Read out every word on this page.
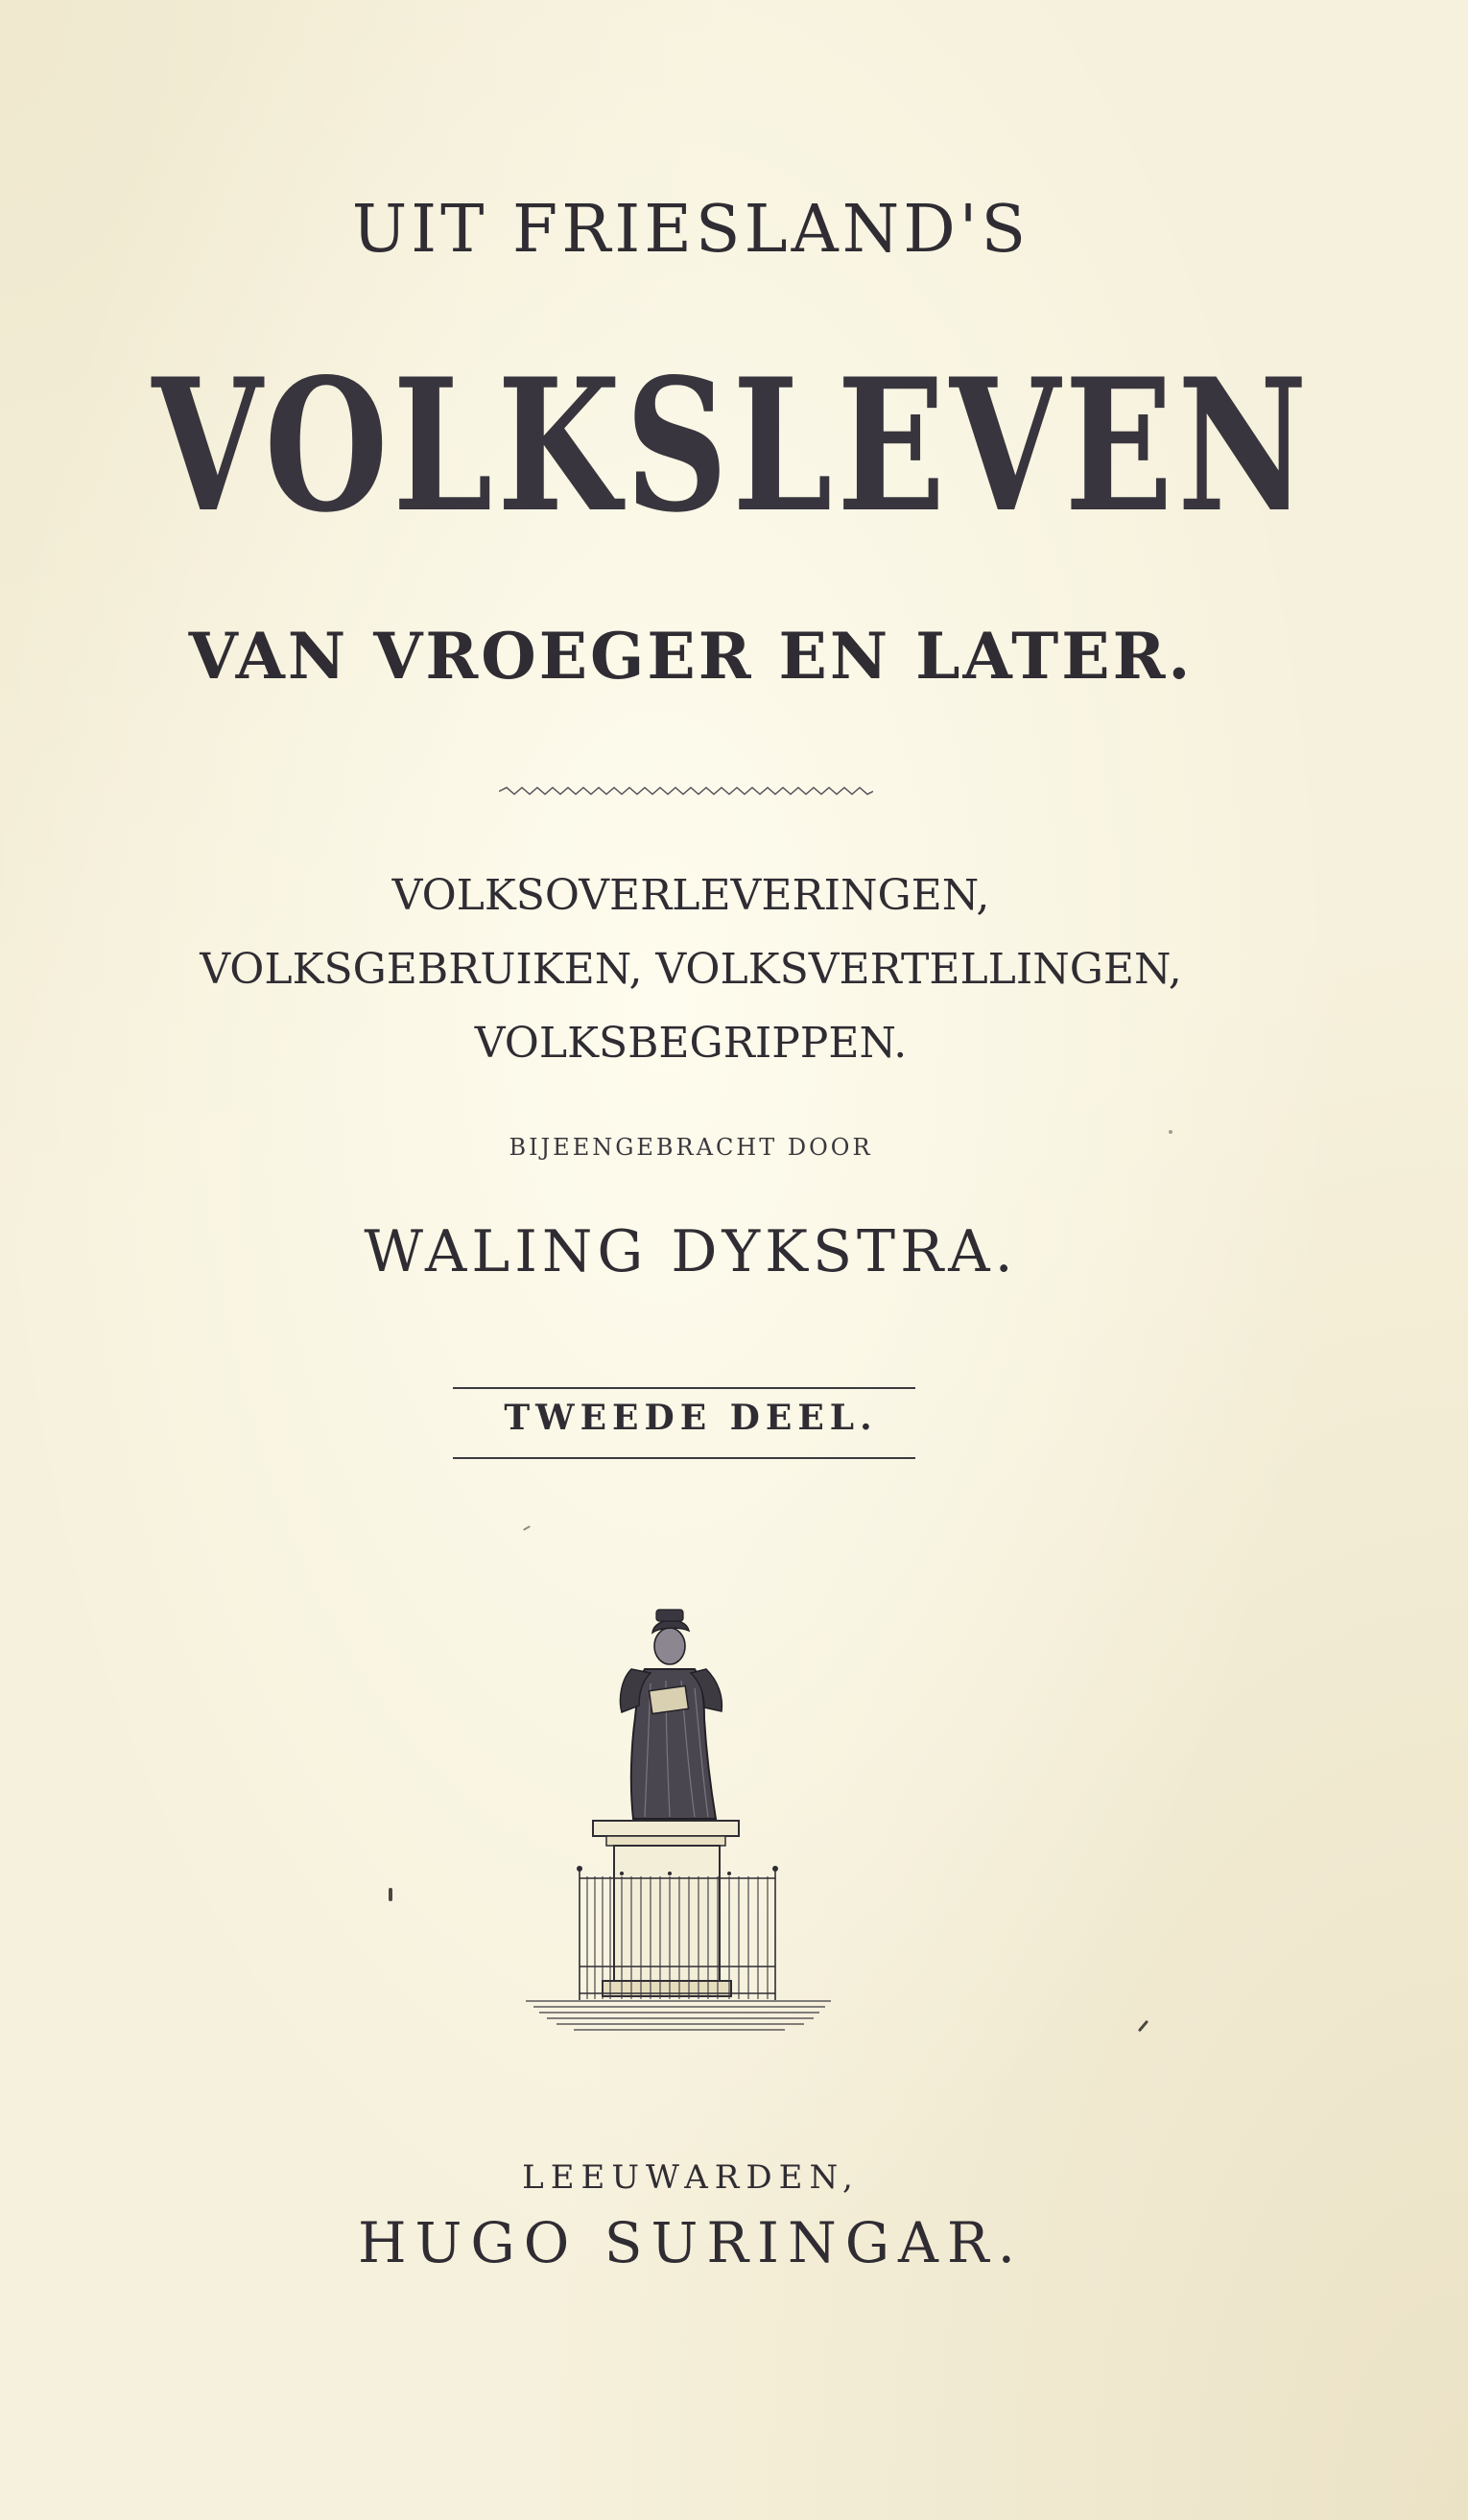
UIT FRIESLAND'S
VOLKSLEVEN
VAN VROEGER EN LATER.

VOLKSOVERLEVERINGEN,

VOLKSGEBRUIKEN, VOLKSVERTELLINGEN,

VOLKSBEGRIPPEN.

BIJEENGEBRACHT DOOR

WALING DYKSTRA.

TWEEDE DEEL.

LEEUWARDEN,

HUGO SURINGAR.
